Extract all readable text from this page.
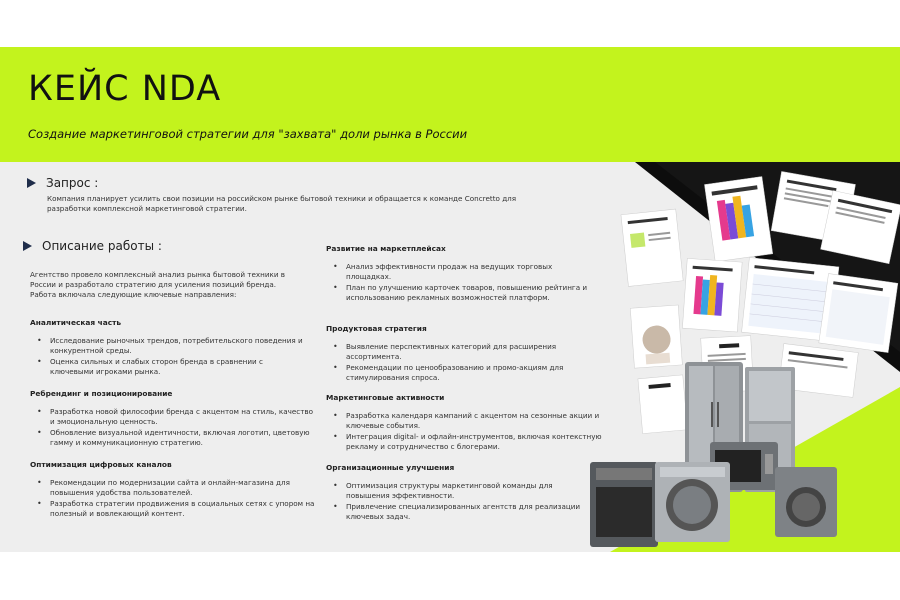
КЕЙС NDA
Создание маркетинговой стратегии для "захвата" доли рынка в России
Запрос :
Компания планирует усилить свои позиции на российском рынке бытовой техники и обращается к команде Concretto для разработки комплексной маркетинговой стратегии.
Описание работы :
Агентство провело комплексный анализ рынка бытовой техники в России и разработало стратегию для усиления позиций бренда. Работа включала следующие ключевые направления:
Аналитическая часть
• Исследование рыночных трендов, потребительского поведения и конкурентной среды.
• Оценка сильных и слабых сторон бренда в сравнении с ключевыми игроками рынка.
Ребрендинг и позиционирование
• Разработка новой философии бренда с акцентом на стиль, качество и эмоциональную ценность.
• Обновление визуальной идентичности, включая логотип, цветовую гамму и коммуникационную стратегию.
Оптимизация цифровых каналов
• Рекомендации по модернизации сайта и онлайн-магазина для повышения удобства пользователей.
• Разработка стратегии продвижения в социальных сетях с упором на полезный и вовлекающий контент.
Развитие на маркетплейсах
• Анализ эффективности продаж на ведущих торговых площадках.
• План по улучшению карточек товаров, повышению рейтинга и использованию рекламных возможностей платформ.
Продуктовая стратегия
• Выявление перспективных категорий для расширения ассортимента.
• Рекомендации по ценообразованию и промо-акциям для стимулирования спроса.
Маркетинговые активности
• Разработка календаря кампаний с акцентом на сезонные акции и ключевые события.
• Интеграция digital- и офлайн-инструментов, включая контекстную рекламу и сотрудничество с блогерами.
Организационные улучшения
• Оптимизация структуры маркетинговой команды для повышения эффективности.
• Привлечение специализированных агентств для реализации ключевых задач.
